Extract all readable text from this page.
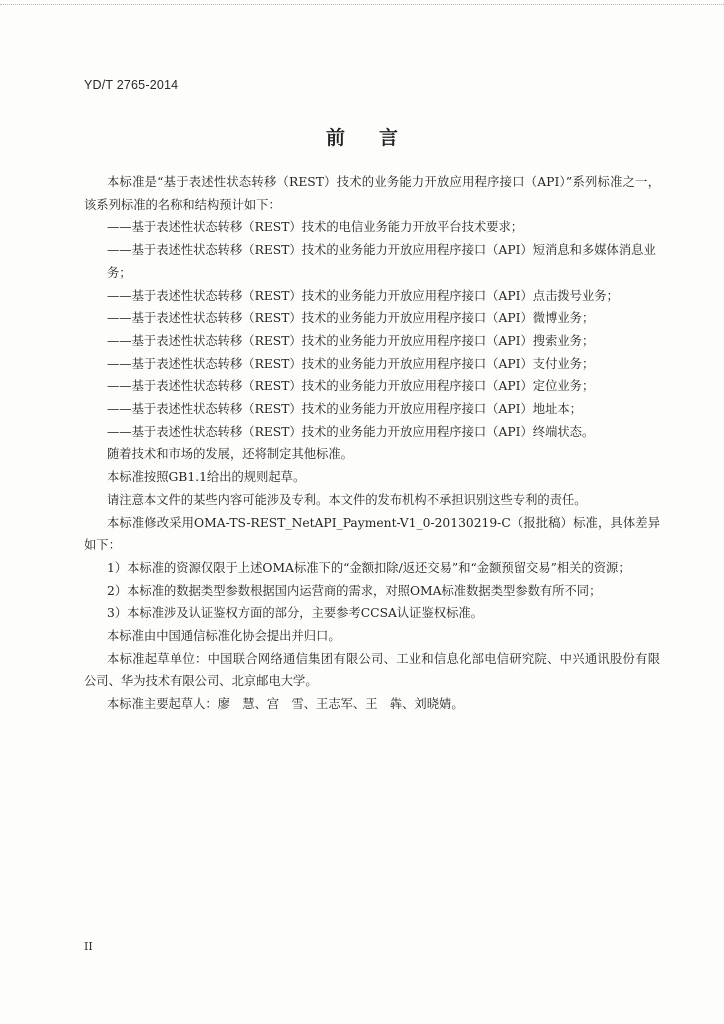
YD/T 2765-2014
前言

本标准是“基于表述性状态转移（REST）技术的业务能力开放应用程序接口（API）”系列标准之一，该系列标准的名称和结构预计如下：

——基于表述性状态转移（REST）技术的电信业务能力开放平台技术要求；

——基于表述性状态转移（REST）技术的业务能力开放应用程序接口（API）短消息和多媒体消息业务；

——基于表述性状态转移（REST）技术的业务能力开放应用程序接口（API）点击拨号业务；

——基于表述性状态转移（REST）技术的业务能力开放应用程序接口（API）微博业务；

——基于表述性状态转移（REST）技术的业务能力开放应用程序接口（API）搜索业务；

——基于表述性状态转移（REST）技术的业务能力开放应用程序接口（API）支付业务；

——基于表述性状态转移（REST）技术的业务能力开放应用程序接口（API）定位业务；

——基于表述性状态转移（REST）技术的业务能力开放应用程序接口（API）地址本；

——基于表述性状态转移（REST）技术的业务能力开放应用程序接口（API）终端状态。

随着技术和市场的发展，还将制定其他标准。

本标准按照GB1.1给出的规则起草。

请注意本文件的某些内容可能涉及专利。本文件的发布机构不承担识别这些专利的责任。

本标准修改采用OMA-TS-REST_NetAPI_Payment-V1_0-20130219-C（报批稿）标准，具体差异如下：

1）本标准的资源仅限于上述OMA标准下的“金额扣除/返还交易”和“金额预留交易”相关的资源；

2）本标准的数据类型参数根据国内运营商的需求，对照OMA标准数据类型参数有所不同；

3）本标准涉及认证鉴权方面的部分，主要参考CCSA认证鉴权标准。

本标准由中国通信标准化协会提出并归口。

本标准起草单位：中国联合网络通信集团有限公司、工业和信息化部电信研究院、中兴通讯股份有限公司、华为技术有限公司、北京邮电大学。

本标准主要起草人：廖　慧、宫　雪、王志军、王　犇、刘晓婧。

II
